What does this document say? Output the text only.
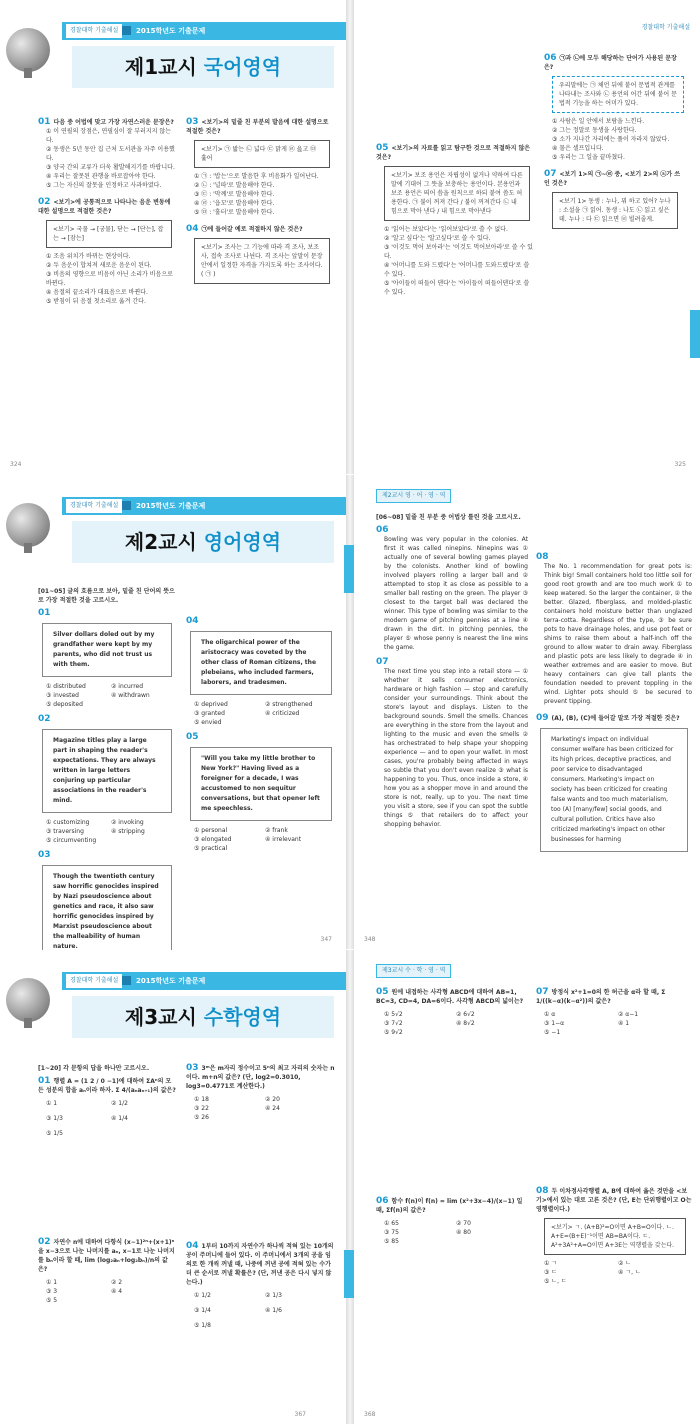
경찰대학 기출해설	2015학년도 기출문제
제1교시 국어영역
01 다음 중 어법에 맞고 가장 자연스러운 문장은?
① 이 연필의 장점은, 연필심이 잘 부러지지 않는다.
② 동생은 5년 동안 집 근처 도서관을 자주 이용했다.
③ 양국 간의 교류가 더욱 활발해지기를 바랍니다.
④ 우리는 잘못된 관행을 바로잡아야 한다.
⑤ 그는 자신의 잘못을 인정하고 사과하였다.
02 <보기>에 공통적으로 나타나는 음운 변동에 대한 설명으로 적절한 것은?
<보기> 국물 → [궁물], 닫는 → [단는], 잡는 → [잠는]
① 조음 위치가 바뀌는 현상이다.
② 두 음운이 합쳐져 새로운 음운이 된다.
③ 비음의 영향으로 비음이 아닌 소리가 비음으로 바뀐다.
④ 음절의 끝소리가 대표음으로 바뀐다.
⑤ 받침이 뒤 음절 첫소리로 옮겨 간다.
03 <보기>의 밑줄 친 부분의 발음에 대한 설명으로 적절한 것은?
<보기> ㉠ 밟는 ㉡ 넓다 ㉢ 맑게 ㉣ 읊고 ㉤ 훑어
① ㉠ : '밥는'으로 발음한 후 비음화가 일어난다.
② ㉡ : '널따'로 발음해야 한다.
③ ㉢ : '막께'로 발음해야 한다.
④ ㉣ : '읍꼬'로 발음해야 한다.
⑤ ㉤ : '훌터'로 발음해야 한다.
04 ㉠에 들어갈 예로 적절하지 않은 것은?
<보기> 조사는 그 기능에 따라 격 조사, 보조사, 접속 조사로 나뉜다. 격 조사는 앞말이 문장 안에서 일정한 자격을 가지도록 하는 조사이다. ( ㉠ )
324
경찰대학 기출해설
05 <보기>의 자료를 읽고 탐구한 것으로 적절하지 않은 것은?
<보기> 보조 용언은 자립성이 없거나 약하여 다른 말에 기대어 그 뜻을 보충하는 용언이다. 본용언과 보조 용언은 띄어 씀을 원칙으로 하되 붙여 씀도 허용한다. ㉠ 불이 꺼져 간다 / 불이 꺼져간다 ㉡ 내 힘으로 막아 낸다 / 내 힘으로 막아낸다
① '읽어는 보았다'는 '읽어보았다'로 쓸 수 없다.
② '알고 싶다'는 '알고싶다'로 쓸 수 있다.
③ '이것도 먹어 보아라'는 '이것도 먹어보아라'로 쓸 수 있다.
④ '어머니를 도와 드렸다'는 '어머니를 도와드렸다'로 쓸 수 있다.
⑤ '아이들이 떠들어 댄다'는 '아이들이 떠들어댄다'로 쓸 수 있다.
06 ㉠과 ㉡에 모두 해당하는 단어가 사용된 문장은?
우리말에는 ㉠ 체언 뒤에 붙어 문법적 관계를 나타내는 조사와 ㉡ 용언의 어간 뒤에 붙어 문법적 기능을 하는 어미가 있다.
① 사람은 일 안에서 보람을 느낀다.
② 그는 정말로 동생을 사랑한다.
③ 소가 지나간 자리에는 풀이 자라지 않았다.
④ 물은 셀프입니다.
⑤ 우리는 그 일을 끝마쳤다.
07 <보기 1>의 ㉠~㉣ 중, <보기 2>의 ⓐ가 쓰인 것은?
<보기 1> 동생 : 누나, 뭐 하고 있어? 누나 : 소설을 ㉠ 읽어. 동생 : 나도 ㉡ 읽고 싶은데. 누나 : 다 ㉢ 읽으면 ㉣ 빌려줄게.
325
경찰대학 기출해설	2015학년도 기출문제
제2교시 영어영역
[01~05] 글의 흐름으로 보아, 밑줄 친 단어의 뜻으로 가장 적절한 것을 고르시오.
01
Silver dollars doled out by my grandfather were kept by my parents, who did not trust us with them.
① distributed	② incurred
③ invested	④ withdrawn
⑤ deposited
02
Magazine titles play a large part in shaping the reader's expectations. They are always written in large letters conjuring up particular associations in the reader's mind.
① customizing	② invoking
③ traversing	④ stripping
⑤ circumventing
03
Though the twentieth century saw horrific genocides inspired by Nazi pseudoscience about genetics and race, it also saw horrific genocides inspired by Marxist pseudoscience about the malleability of human nature.
04
The oligarchical power of the aristocracy was coveted by the other class of Roman citizens, the plebeians, who included farmers, laborers, and tradesmen.
① deprived	② strengthened
③ granted	④ criticized
⑤ envied
05
"Will you take my little brother to New York?" Having lived as a foreigner for a decade, I was accustomed to non sequitur conversations, but that opener left me speechless.
① personal	② frank
③ elongated	④ irrelevant
⑤ practical
347
제2교시 영 · 어 · 영 · 역
[06~08] 밑줄 친 부분 중 어법상 틀린 것을 고르시오.
06
Bowling was very popular in the colonies. At first it was called ninepins. Ninepins was ① actually one of several bowling games played by the colonists. Another kind of bowling involved players rolling a larger ball and ② attempted to stop it as close as possible to a smaller ball resting on the green. The player ③ closest to the target ball was declared the winner. This type of bowling was similar to the modern game of pitching pennies at a line ④ drawn in the dirt. In pitching pennies, the player ⑤ whose penny is nearest the line wins the game.
07
The next time you step into a retail store — ① whether it sells consumer electronics, hardware or high fashion — stop and carefully consider your surroundings. Think about the store's layout and displays. Listen to the background sounds. Smell the smells. Chances are everything in the store from the layout and lighting to the music and even the smells ② has orchestrated to help shape your shopping experience — and to open your wallet. In most cases, you're probably being affected in ways so subtle that you don't even realize ③ what is happening to you. Thus, once inside a store, ④ how you as a shopper move in and around the store is not, really, up to you. The next time you visit a store, see if you can spot the subtle things ⑤ that retailers do to affect your shopping behavior.
08
The No. 1 recommendation for great pots is: Think big! Small containers hold too little soil for good root growth and are too much work ① to keep watered. So the larger the container, ② the better. Glazed, fiberglass, and molded-plastic containers hold moisture better than unglazed terra-cotta. Regardless of the type, ③ be sure pots to have drainage holes, and use pot feet or shims to raise them about a half-inch off the ground to allow water to drain away. Fiberglass and plastic pots are less likely to degrade ④ in weather extremes and are easier to move. But heavy containers can give tall plants the foundation needed to prevent toppling in the wind. Lighter pots should ⑤ be secured to prevent tipping.
09 (A), (B), (C)에 들어갈 말로 가장 적절한 것은?
Marketing's impact on individual consumer welfare has been criticized for its high prices, deceptive practices, and poor service to disadvantaged consumers. Marketing's impact on society has been criticized for creating false wants and too much materialism, too (A) [many/few] social goods, and cultural pollution. Critics have also criticized marketing's impact on other businesses for harming
348
경찰대학 기출해설	2015학년도 기출문제
제3교시 수학영역
[1~20] 각 문항의 답을 하나만 고르시오.
01 행렬 A = (1 2 / 0 −1)에 대하여 ΣAⁿ의 모든 성분의 합을 aₙ이라 하자. Σ 4/(aₙaₙ₊₁)의 값은?
① 1	② 1/2
③ 1/3	④ 1/4
⑤ 1/5
02 자연수 n에 대하여 다항식 (x−1)²ⁿ+(x+1)ⁿ을 x−3으로 나눈 나머지를 aₙ, x−1로 나눈 나머지를 bₙ이라 할 때, lim (log₂aₙ+log₂bₙ)/n의 값은?
① 1	② 2
③ 3	④ 4
⑤ 5
03 3ᵐ은 m자리 정수이고 5ⁿ의 최고 자리의 숫자는 n이다. m+n의 값은? (단, log2=0.3010, log3=0.4771로 계산한다.)
① 18	② 20
③ 22	④ 24
⑤ 26
04 1부터 10까지 자연수가 하나씩 적혀 있는 10개의 공이 주머니에 들어 있다. 이 주머니에서 3개의 공을 임의로 한 개씩 꺼낼 때, 나중에 꺼낸 공에 적혀 있는 수가 더 큰 순서로 꺼낼 확률은? (단, 꺼낸 공은 다시 넣지 않는다.)
① 1/2	② 1/3
③ 1/4	④ 1/6
⑤ 1/8
367
제3교시 수 · 학 · 영 · 역
05 원에 내접하는 사각형 ABCD에 대하여 AB=1, BC=3, CD=4, DA=6이다. 사각형 ABCD의 넓이는?
① 5√2	② 6√2
③ 7√2	④ 8√2
⑤ 9√2
06 함수 f(n)이 f(n) = lim (x²+3x−4)/(x−1) 일 때, Σf(n)의 값은?
① 65	② 70
③ 75	④ 80
⑤ 85
07 방정식 x²+1=0의 한 허근을 α라 할 때, Σ 1/((k−α)(k−α²))의 값은?
① α	② α−1
③ 1−α	④ 1
⑤ −1
08 두 이차정사각행렬 A, B에 대하여 옳은 것만을 <보기>에서 있는 대로 고른 것은? (단, E는 단위행렬이고 O는 영행렬이다.)
<보기> ㄱ. (A+B)²=O이면 A+B=O이다. ㄴ. A+E=(B+E)⁻¹이면 AB=BA이다. ㄷ. A²+3A²+A=O이면 A+3E는 역행렬을 갖는다.
① ㄱ	② ㄴ
③ ㄷ	④ ㄱ, ㄴ
⑤ ㄴ, ㄷ
368
